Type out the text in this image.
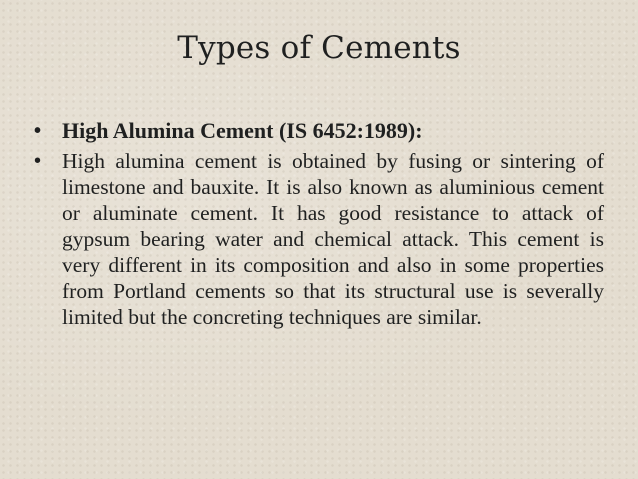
Types of Cements
• High Alumina Cement (IS 6452:1989):
• High alumina cement is obtained by fusing or sintering of limestone and bauxite. It is also known as aluminious cement or aluminate cement. It has good resistance to attack of gypsum bearing water and chemical attack. This cement is very different in its composition and also in some properties from Portland cements so that its structural use is severally limited but the concreting techniques are similar.
